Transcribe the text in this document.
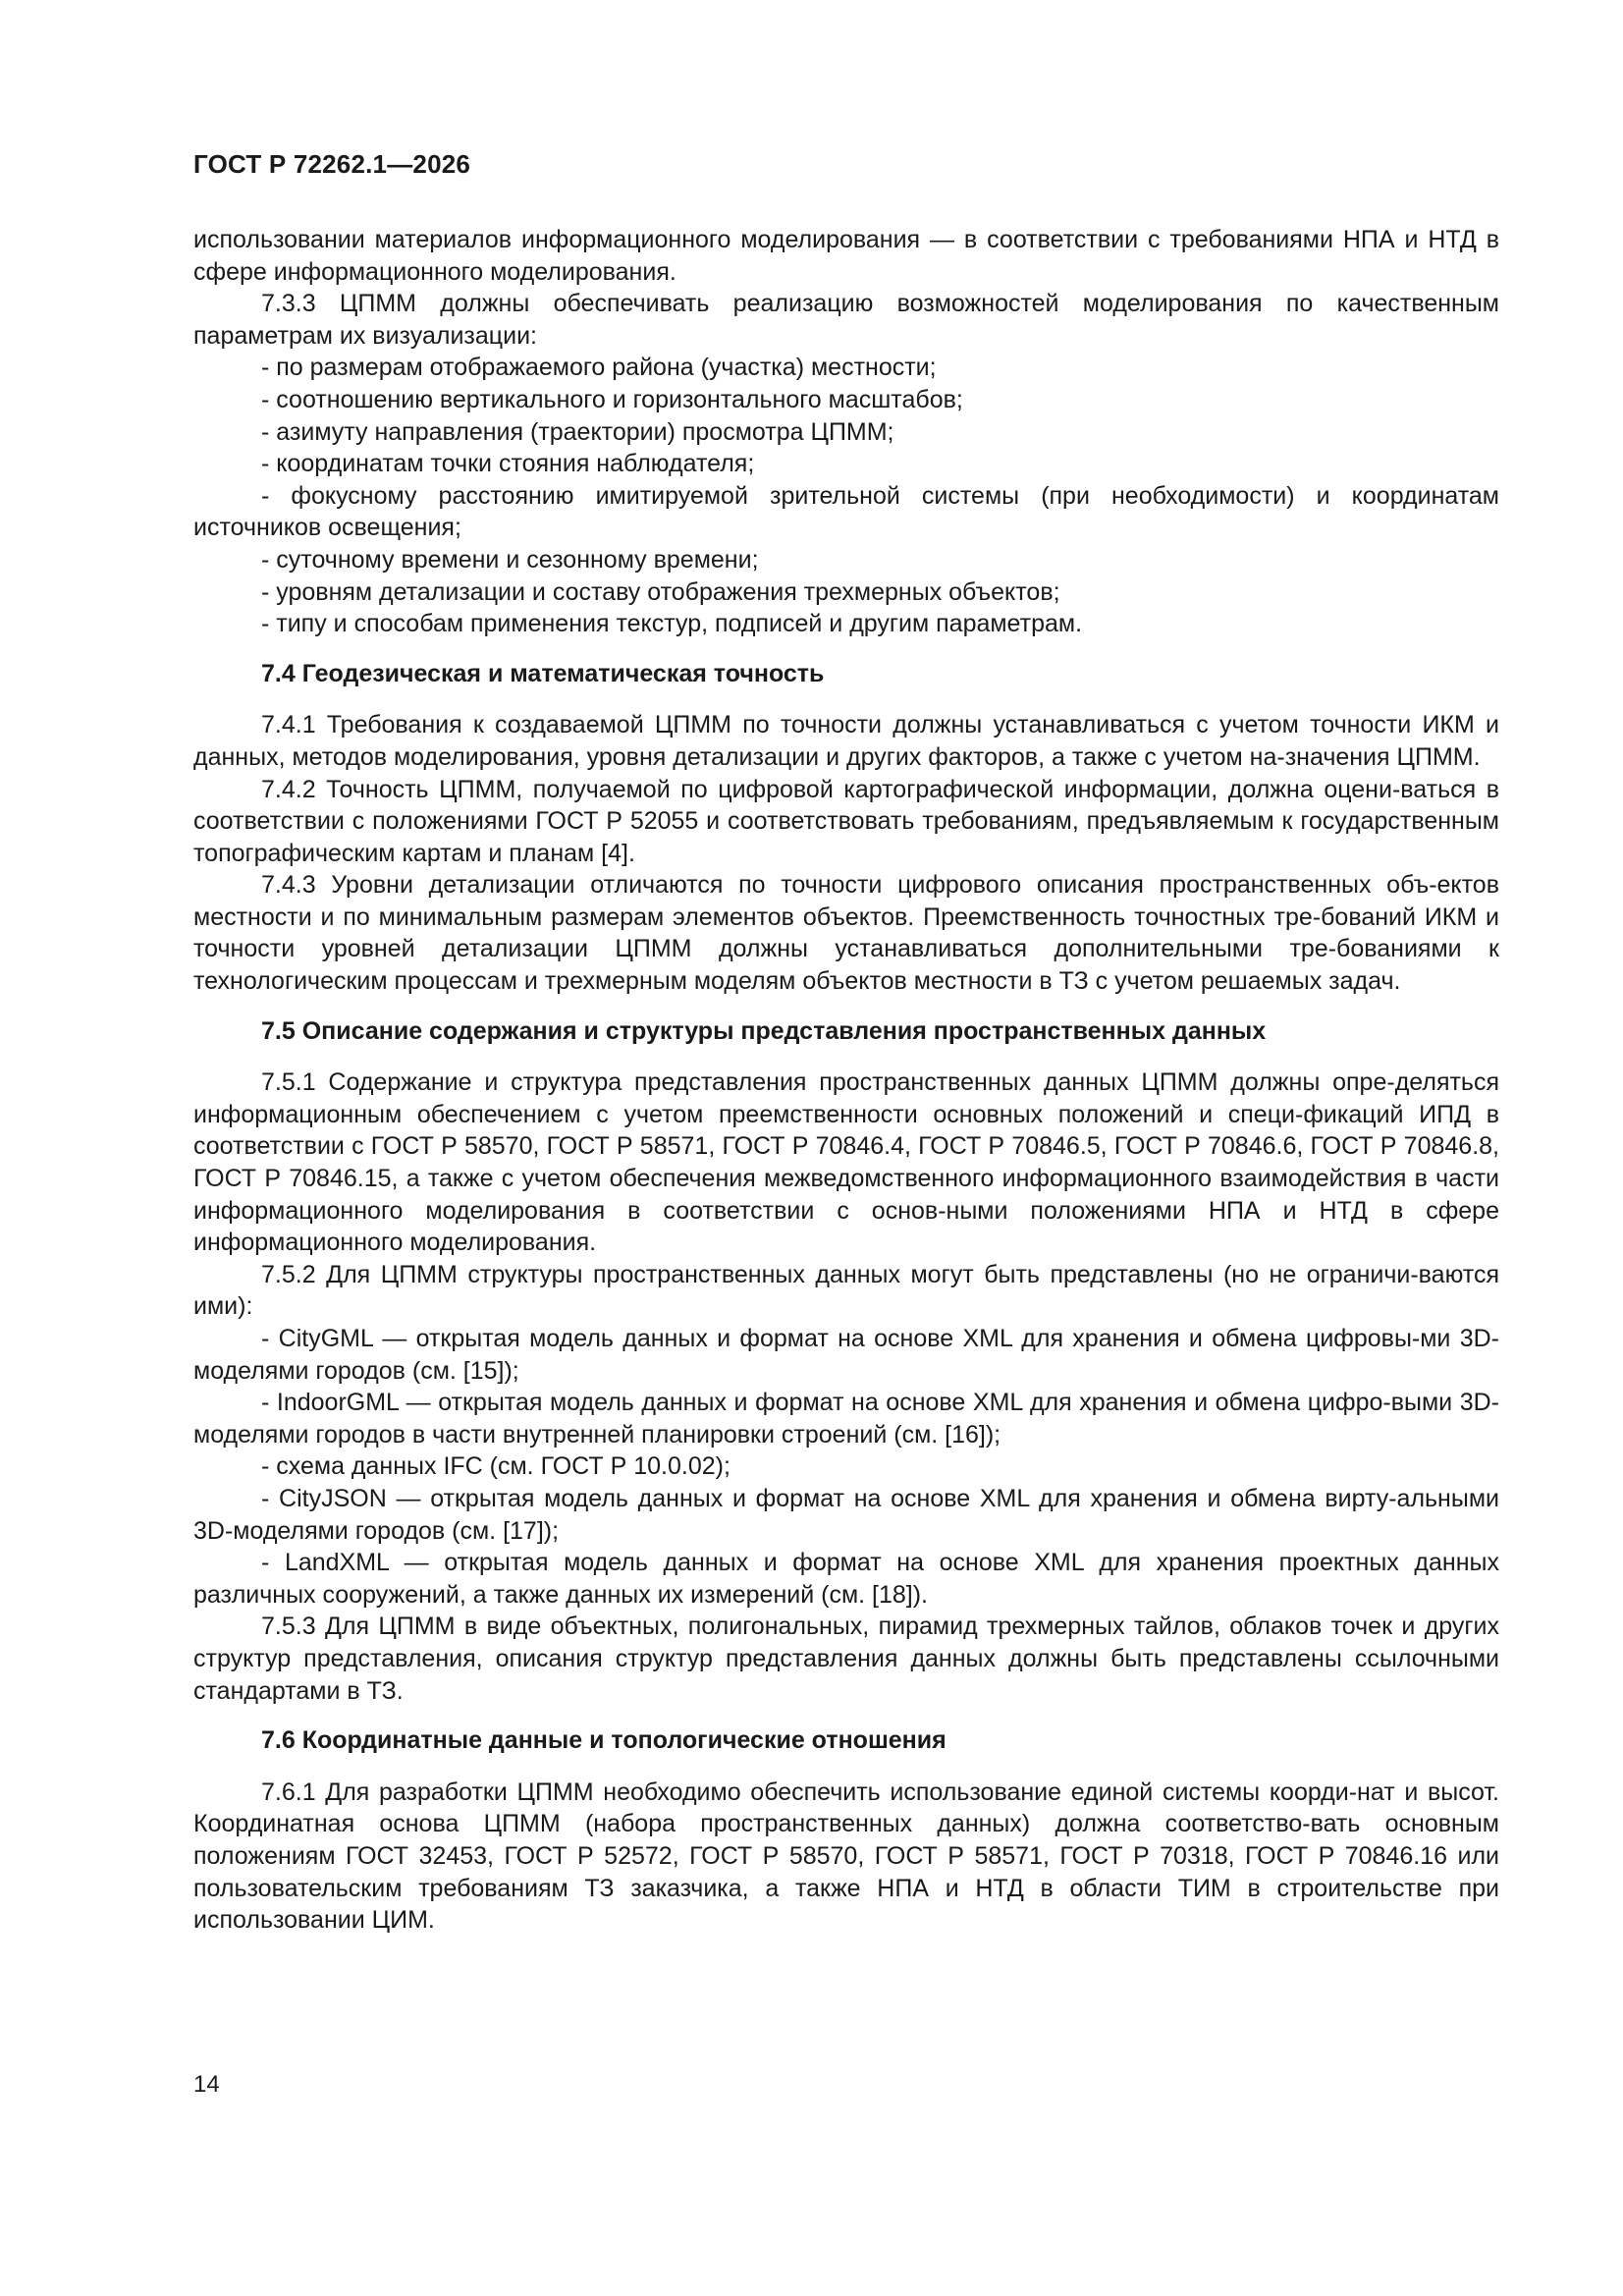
ГОСТ Р 72262.1—2026

использовании материалов информационного моделирования — в соответствии с требованиями НПА и НТД в сфере информационного моделирования.

7.3.3 ЦПММ должны обеспечивать реализацию возможностей моделирования по качественным параметрам их визуализации:

- по размерам отображаемого района (участка) местности;

- соотношению вертикального и горизонтального масштабов;

- азимуту направления (траектории) просмотра ЦПММ;

- координатам точки стояния наблюдателя;

- фокусному расстоянию имитируемой зрительной системы (при необходимости) и координатам источников освещения;

- суточному времени и сезонному времени;

- уровням детализации и составу отображения трехмерных объектов;

- типу и способам применения текстур, подписей и другим параметрам.

7.4 Геодезическая и математическая точность

7.4.1 Требования к создаваемой ЦПММ по точности должны устанавливаться с учетом точности ИКМ и данных, методов моделирования, уровня детализации и других факторов, а также с учетом на-значения ЦПММ.

7.4.2 Точность ЦПММ, получаемой по цифровой картографической информации, должна оцени-ваться в соответствии с положениями ГОСТ Р 52055 и соответствовать требованиям, предъявляемым к государственным топографическим картам и планам [4].

7.4.3 Уровни детализации отличаются по точности цифрового описания пространственных объ-ектов местности и по минимальным размерам элементов объектов. Преемственность точностных тре-бований ИКМ и точности уровней детализации ЦПММ должны устанавливаться дополнительными тре-бованиями к технологическим процессам и трехмерным моделям объектов местности в ТЗ с учетом решаемых задач.

7.5 Описание содержания и структуры представления пространственных данных

7.5.1 Содержание и структура представления пространственных данных ЦПММ должны опре-деляться информационным обеспечением с учетом преемственности основных положений и специ-фикаций ИПД в соответствии с ГОСТ Р 58570, ГОСТ Р 58571, ГОСТ Р 70846.4, ГОСТ Р 70846.5, ГОСТ Р 70846.6, ГОСТ Р 70846.8, ГОСТ Р 70846.15, а также с учетом обеспечения межведомственного информационного взаимодействия в части информационного моделирования в соответствии с основ-ными положениями НПА и НТД в сфере информационного моделирования.

7.5.2 Для ЦПММ структуры пространственных данных могут быть представлены (но не ограничи-ваются ими):

- CityGML — открытая модель данных и формат на основе XML для хранения и обмена цифровы-ми 3D-моделями городов (см. [15]);

- IndoorGML — открытая модель данных и формат на основе XML для хранения и обмена цифро-выми 3D-моделями городов в части внутренней планировки строений (см. [16]);

- схема данных IFC (см. ГОСТ Р 10.0.02);

- CityJSON — открытая модель данных и формат на основе XML для хранения и обмена вирту-альными 3D-моделями городов (см. [17]);

- LandXML — открытая модель данных и формат на основе XML для хранения проектных данных различных сооружений, а также данных их измерений (см. [18]).

7.5.3 Для ЦПММ в виде объектных, полигональных, пирамид трехмерных тайлов, облаков точек и других структур представления, описания структур представления данных должны быть представлены ссылочными стандартами в ТЗ.

7.6 Координатные данные и топологические отношения

7.6.1 Для разработки ЦПММ необходимо обеспечить использование единой системы коорди-нат и высот. Координатная основа ЦПММ (набора пространственных данных) должна соответство-вать основным положениям ГОСТ 32453, ГОСТ Р 52572, ГОСТ Р 58570, ГОСТ Р 58571, ГОСТ Р 70318, ГОСТ Р 70846.16 или пользовательским требованиям ТЗ заказчика, а также НПА и НТД в области ТИМ в строительстве при использовании ЦИМ.

14
